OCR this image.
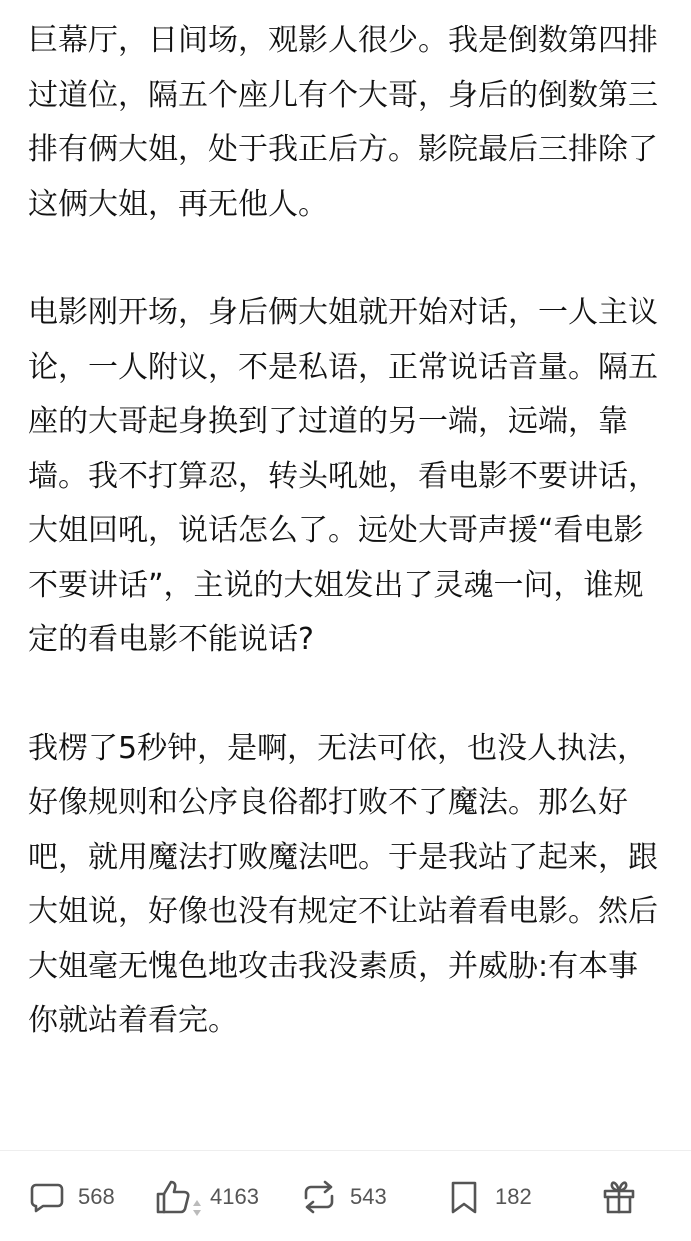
巨幕厅，日间场，观影人很少。我是倒数第四排过道位，隔五个座儿有个大哥，身后的倒数第三排有俩大姐，处于我正后方。影院最后三排除了这俩大姐，再无他人。

电影刚开场，身后俩大姐就开始对话，一人主议论，一人附议，不是私语，正常说话音量。隔五座的大哥起身换到了过道的另一端，远端，靠墙。我不打算忍，转头吼她，看电影不要讲话，大姐回吼，说话怎么了。远处大哥声援“看电影不要讲话”，主说的大姐发出了灵魂一问，谁规定的看电影不能说话?

我楞了5秒钟，是啊，无法可依，也没人执法，好像规则和公序良俗都打败不了魔法。那么好吧，就用魔法打败魔法吧。于是我站了起来，跟大姐说，好像也没有规定不让站着看电影。然后大姐毫无愧色地攻击我没素质，并威胁:有本事你就站着看完。

568	4163	543	182
